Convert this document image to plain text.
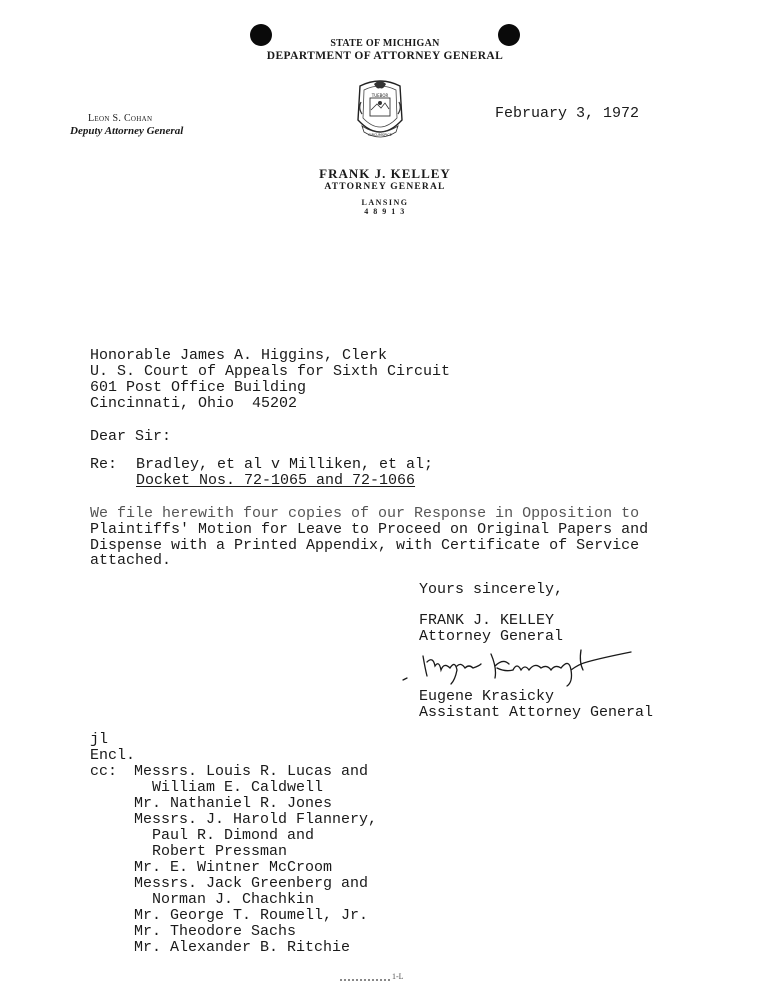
STATE OF MICHIGAN
DEPARTMENT OF ATTORNEY GENERAL
Leon S. Cohan
Deputy Attorney General
TUEBOR
CIRCUMSPICE
February 3, 1972
FRANK J. KELLEY
ATTORNEY GENERAL
LANSING
4 8 9 1 3
Honorable James A. Higgins, Clerk
U. S. Court of Appeals for Sixth Circuit
601 Post Office Building
Cincinnati, Ohio  45202
Dear Sir:
Re: Bradley, et al v Milliken, et al;
Docket Nos. 72-1065 and 72-1066
We file herewith four copies of our Response in Opposition to
Plaintiffs' Motion for Leave to Proceed on Original Papers and
Dispense with a Printed Appendix, with Certificate of Service
attached.
Yours sincerely,
FRANK J. KELLEY
Attorney General
Eugene Krasicky
Assistant Attorney General
jl
Encl.
cc: Messrs. Louis R. Lucas and
William E. Caldwell
Mr. Nathaniel R. Jones
Messrs. J. Harold Flannery,
Paul R. Dimond and
Robert Pressman
Mr. E. Wintner McCroom
Messrs. Jack Greenberg and
Norman J. Chachkin
Mr. George T. Roumell, Jr.
Mr. Theodore Sachs
Mr. Alexander B. Ritchie
1-L
